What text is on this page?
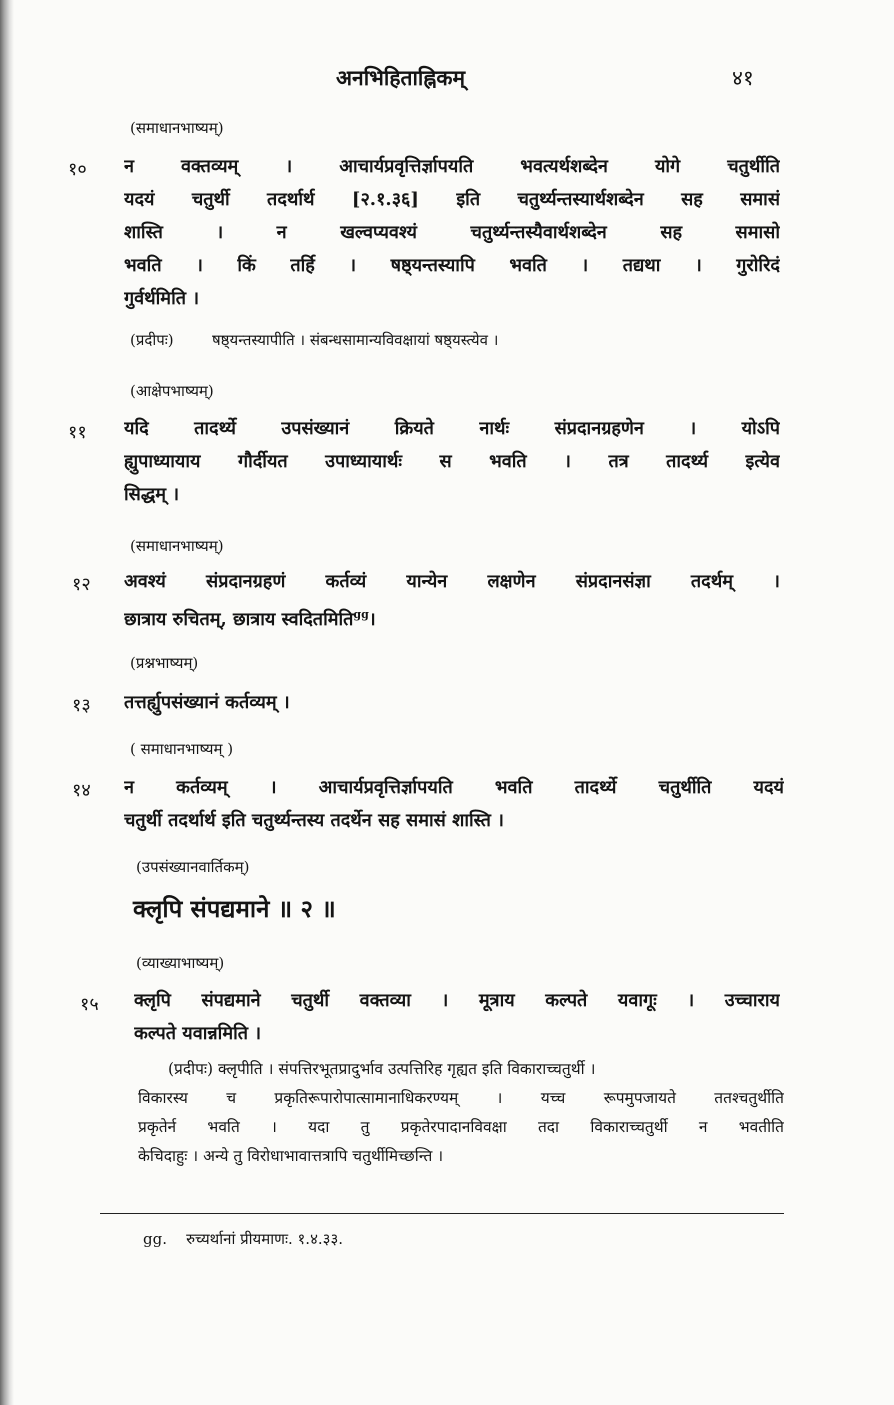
अनभिहिताह्निकम्	४१
(समाधानभाष्यम्)
१० न वक्तव्यम् । आचार्यप्रवृत्तिर्ज्ञापयति भवत्यर्थशब्देन योगे चतुर्थीति
यदयं चतुर्थी तदर्थार्थ [२.१.३६] इति चतुर्थ्यन्तस्यार्थशब्देन सह समासं
शास्ति । न खल्वप्यवश्यं चतुर्थ्यन्तस्यैवार्थशब्देन सह समासो
भवति । किं तर्हि । षष्ठ्यन्तस्यापि भवति । तद्यथा । गुरोरिदं
गुर्वर्थमिति ।
(प्रदीपः)	षष्ठ्यन्तस्यापीति । संबन्धसामान्यविवक्षायां षष्ठ्यस्त्येव ।
(आक्षेपभाष्यम्)
११ यदि तादर्थ्ये उपसंख्यानं क्रियते नार्थः संप्रदानग्रहणेन । योऽपि
ह्युपाध्यायाय गौर्दीयत उपाध्यायार्थः स भवति । तत्र तादर्थ्य इत्येव
सिद्धम् ।
(समाधानभाष्यम्)
१२ अवश्यं संप्रदानग्रहणं कर्तव्यं यान्येन लक्षणेन संप्रदानसंज्ञा तदर्थम् ।
छात्राय रुचितम्, छात्राय स्वदितमिति$^{gg}$।
(प्रश्नभाष्यम्)
१३ तत्तर्ह्युपसंख्यानं कर्तव्यम् ।
( समाधानभाष्यम् )
१४ न कर्तव्यम् । आचार्यप्रवृत्तिर्ज्ञापयति भवति तादर्थ्ये चतुर्थीति यदयं
चतुर्थी तदर्थार्थ इति चतुर्थ्यन्तस्य तदर्थेन सह समासं शास्ति ।
(उपसंख्यानवार्तिकम्)
क्लृपि संपद्यमाने ॥ २ ॥
(व्याख्याभाष्यम्)
१५ क्लृपि संपद्यमाने चतुर्थी वक्तव्या । मूत्राय कल्पते यवागूः । उच्चाराय
कल्पते यवान्नमिति ।
(प्रदीपः) क्लृपीति । संपत्तिरभूतप्रादुर्भाव उत्पत्तिरिह गृह्यत इति विकाराच्चतुर्थी ।
विकारस्य च प्रकृतिरूपारोपात्सामानाधिकरण्यम् । यच्च रूपमुपजायते ततश्चतुर्थीति
प्रकृतेर्न भवति । यदा तु प्रकृतेरपादानविवक्षा तदा विकाराच्चतुर्थी न भवतीति
केचिदाहुः । अन्ये तु विरोधाभावात्तत्रापि चतुर्थीमिच्छन्ति ।
gg. रुच्यर्थानां प्रीयमाणः. १.४.३३.
